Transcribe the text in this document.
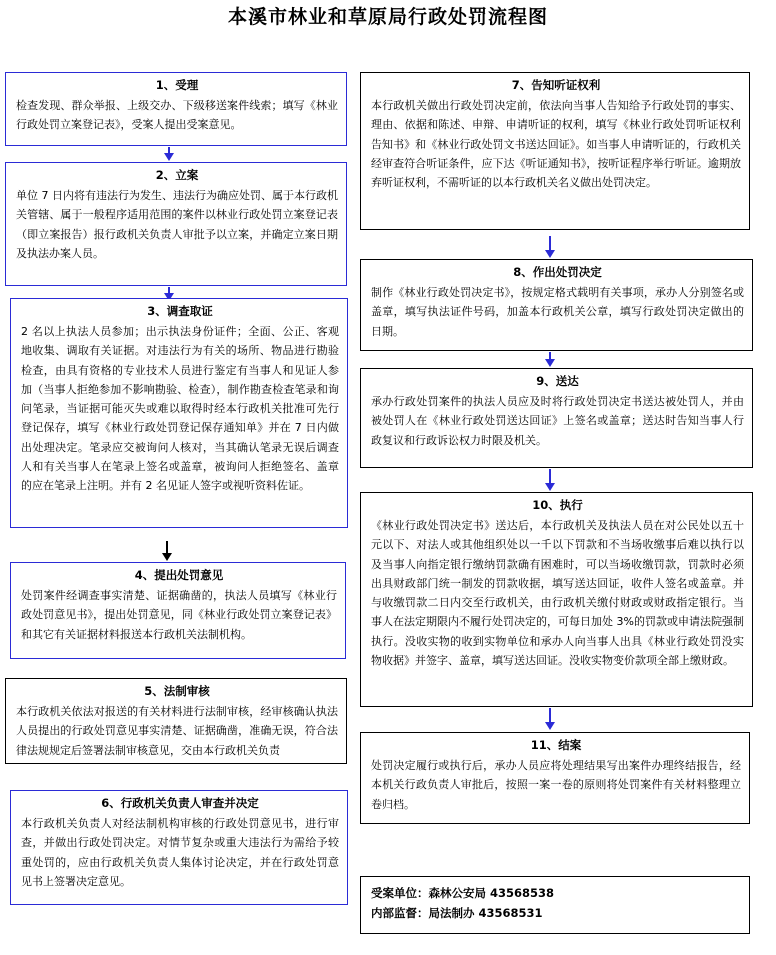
本溪市林业和草原局行政处罚流程图
1、受理

检查发现、群众举报、上级交办、下级移送案件线索；填写《林业行政处罚立案登记表》，受案人提出受案意见。

2、立案

单位 7 日内将有违法行为发生、违法行为确应处罚、属于本行政机关管辖、属于一般程序适用范围的案件以林业行政处罚立案登记表（即立案报告）报行政机关负责人审批予以立案，并确定立案日期及执法办案人员。

3、调查取证

2 名以上执法人员参加；出示执法身份证件；全面、公正、客观地收集、调取有关证据。对违法行为有关的场所、物品进行勘验检查，由具有资格的专业技术人员进行鉴定有当事人和见证人参加（当事人拒绝参加不影响勘验、检查），制作勘查检查笔录和询问笔录，当证据可能灭失或难以取得时经本行政机关批准可先行登记保存，填写《林业行政处罚登记保存通知单》并在 7 日内做出处理决定。笔录应交被询问人核对，当其确认笔录无误后调查人和有关当事人在笔录上签名或盖章，被询问人拒绝签名、盖章的应在笔录上注明。并有 2 名见证人签字或视听资料佐证。

4、提出处罚意见

处罚案件经调查事实清楚、证据确凿的，执法人员填写《林业行政处罚意见书》，提出处罚意见，同《林业行政处罚立案登记表》和其它有关证据材料报送本行政机关法制机构。

5、法制审核

本行政机关依法对报送的有关材料进行法制审核，经审核确认执法人员提出的行政处罚意见事实清楚、证据确凿，准确无误，符合法律法规规定后签署法制审核意见，交由本行政机关负责

6、行政机关负责人审查并决定

本行政机关负责人对经法制机构审核的行政处罚意见书，进行审查，并做出行政处罚决定。对情节复杂或重大违法行为需给予较重处罚的，应由行政机关负责人集体讨论决定，并在行政处罚意见书上签署决定意见。

7、告知听证权利

本行政机关做出行政处罚决定前，依法向当事人告知给予行政处罚的事实、理由、依据和陈述、申辩、申请听证的权利，填写《林业行政处罚听证权利告知书》和《林业行政处罚文书送达回证》。如当事人申请听证的，行政机关经审查符合听证条件，应下达《听证通知书》，按听证程序举行听证。逾期放弃听证权利，不需听证的以本行政机关名义做出处罚决定。

8、作出处罚决定

制作《林业行政处罚决定书》，按规定格式载明有关事项，承办人分别签名或盖章，填写执法证件号码，加盖本行政机关公章，填写行政处罚决定做出的日期。

9、送达

承办行政处罚案件的执法人员应及时将行政处罚决定书送达被处罚人，并由被处罚人在《林业行政处罚送达回证》上签名或盖章；送达时告知当事人行政复议和行政诉讼权力时限及机关。

10、执行

《林业行政处罚决定书》送达后，本行政机关及执法人员在对公民处以五十元以下、对法人或其他组织处以一千以下罚款和不当场收缴事后难以执行以及当事人向指定银行缴纳罚款确有困难时，可以当场收缴罚款，罚款时必须出具财政部门统一制发的罚款收据，填写送达回证，收件人签名或盖章。并与收缴罚款二日内交至行政机关，由行政机关缴付财政或财政指定银行。当事人在法定期限内不履行处罚决定的，可每日加处 3%的罚款或申请法院强制执行。没收实物的收到实物单位和承办人向当事人出具《林业行政处罚没实物收据》并签字、盖章，填写送达回证。没收实物变价款项全部上缴财政。

11、结案

处罚决定履行或执行后，承办人员应将处理结果写出案件办理终结报告，经本机关行政负责人审批后，按照一案一卷的原则将处罚案件有关材料整理立卷归档。

受案单位：森林公安局 43568538

内部监督：局法制办 43568531
